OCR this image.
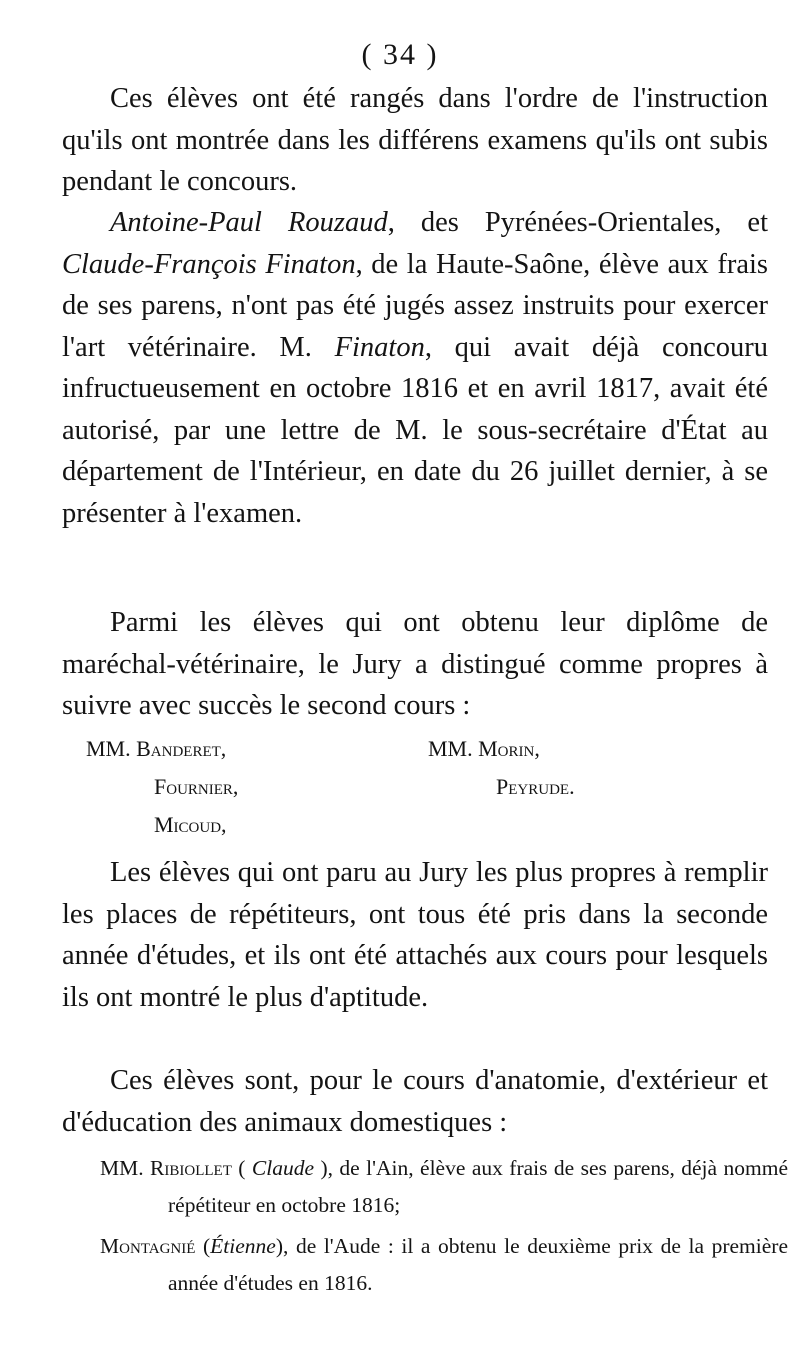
( 34 )

Ces élèves ont été rangés dans l'ordre de l'instruction qu'ils ont montrée dans les différens examens qu'ils ont subis pendant le concours.

Antoine-Paul Rouzaud, des Pyrénées-Orientales, et Claude-François Finaton, de la Haute-Saône, élève aux frais de ses parens, n'ont pas été jugés assez instruits pour exercer l'art vétérinaire. M. Finaton, qui avait déjà concouru infructueusement en octobre 1816 et en avril 1817, avait été autorisé, par une lettre de M. le sous-secrétaire d'État au département de l'Intérieur, en date du 26 juillet dernier, à se présenter à l'examen.

Parmi les élèves qui ont obtenu leur diplôme de maréchal-vétérinaire, le Jury a distingué comme propres à suivre avec succès le second cours :

MM. Banderet,
Fournier,
Micoud,
MM. Morin,
Peyrude.

Les élèves qui ont paru au Jury les plus propres à remplir les places de répétiteurs, ont tous été pris dans la seconde année d'études, et ils ont été attachés aux cours pour lesquels ils ont montré le plus d'aptitude.

Ces élèves sont, pour le cours d'anatomie, d'extérieur et d'éducation des animaux domestiques :

MM. Ribiollet ( Claude ), de l'Ain, élève aux frais de ses parens, déjà nommé répétiteur en octobre 1816;

Montagnié (Étienne), de l'Aude : il a obtenu le deuxième prix de la première année d'études en 1816.
